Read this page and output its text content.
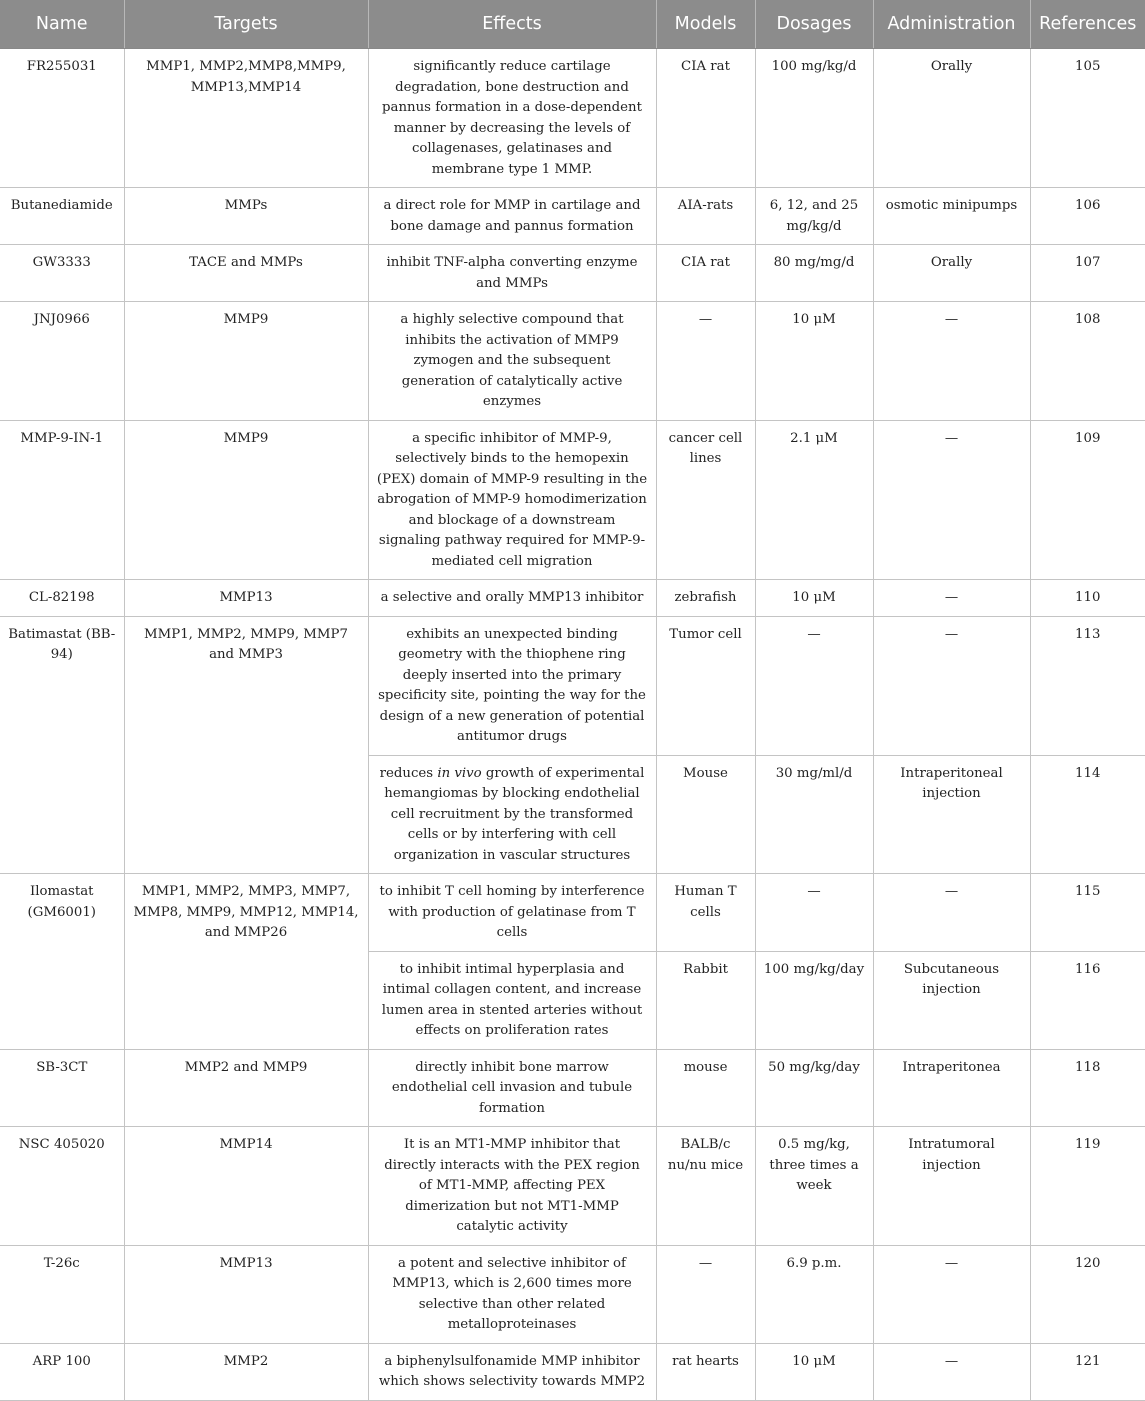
Name	Targets	Effects	Models	Dosages	Administration	References
FR255031	MMP1, MMP2,MMP8,MMP9, MMP13,MMP14	significantly reduce cartilage degradation, bone destruction and pannus formation in a dose-dependent manner by decreasing the levels of collagenases, gelatinases and membrane type 1 MMP.	CIA rat	100 mg/kg/d	Orally	105
Butanediamide	MMPs	a direct role for MMP in cartilage and bone damage and pannus formation	AIA-rats	6, 12, and 25 mg/kg/d	osmotic minipumps	106
GW3333	TACE and MMPs	inhibit TNF-alpha converting enzyme and MMPs	CIA rat	80 mg/mg/d	Orally	107
JNJ0966	MMP9	a highly selective compound that inhibits the activation of MMP9 zymogen and the subsequent generation of catalytically active enzymes	—	10 μM	—	108
MMP-9-IN-1	MMP9	a specific inhibitor of MMP-9, selectively binds to the hemopexin (PEX) domain of MMP-9 resulting in the abrogation of MMP-9 homodimerization and blockage of a downstream signaling pathway required for MMP-9-mediated cell migration	cancer cell lines	2.1 μM	—	109
CL-82198	MMP13	a selective and orally MMP13 inhibitor	zebrafish	10 μM	—	110
Batimastat (BB-94)	MMP1, MMP2, MMP9, MMP7 and MMP3	exhibits an unexpected binding geometry with the thiophene ring deeply inserted into the primary specificity site, pointing the way for the design of a new generation of potential antitumor drugs	Tumor cell	—	—	113
		reduces in vivo growth of experimental hemangiomas by blocking endothelial cell recruitment by the transformed cells or by interfering with cell organization in vascular structures	Mouse	30 mg/ml/d	Intraperitoneal injection	114
Ilomastat (GM6001)	MMP1, MMP2, MMP3, MMP7, MMP8, MMP9, MMP12, MMP14, and MMP26	to inhibit T cell homing by interference with production of gelatinase from T cells	Human T cells	—	—	115
		to inhibit intimal hyperplasia and intimal collagen content, and increase lumen area in stented arteries without effects on proliferation rates	Rabbit	100 mg/kg/day	Subcutaneous injection	116
SB-3CT	MMP2 and MMP9	directly inhibit bone marrow endothelial cell invasion and tubule formation	mouse	50 mg/kg/day	Intraperitonea	118
NSC 405020	MMP14	It is an MT1-MMP inhibitor that directly interacts with the PEX region of MT1-MMP, affecting PEX dimerization but not MT1-MMP catalytic activity	BALB/c nu/nu mice	0.5 mg/kg, three times a week	Intratumoral injection	119
T-26c	MMP13	a potent and selective inhibitor of MMP13, which is 2,600 times more selective than other related metalloproteinases	—	6.9 p.m.	—	120
ARP 100	MMP2	a biphenylsulfonamide MMP inhibitor which shows selectivity towards MMP2	rat hearts	10 μM	—	121
